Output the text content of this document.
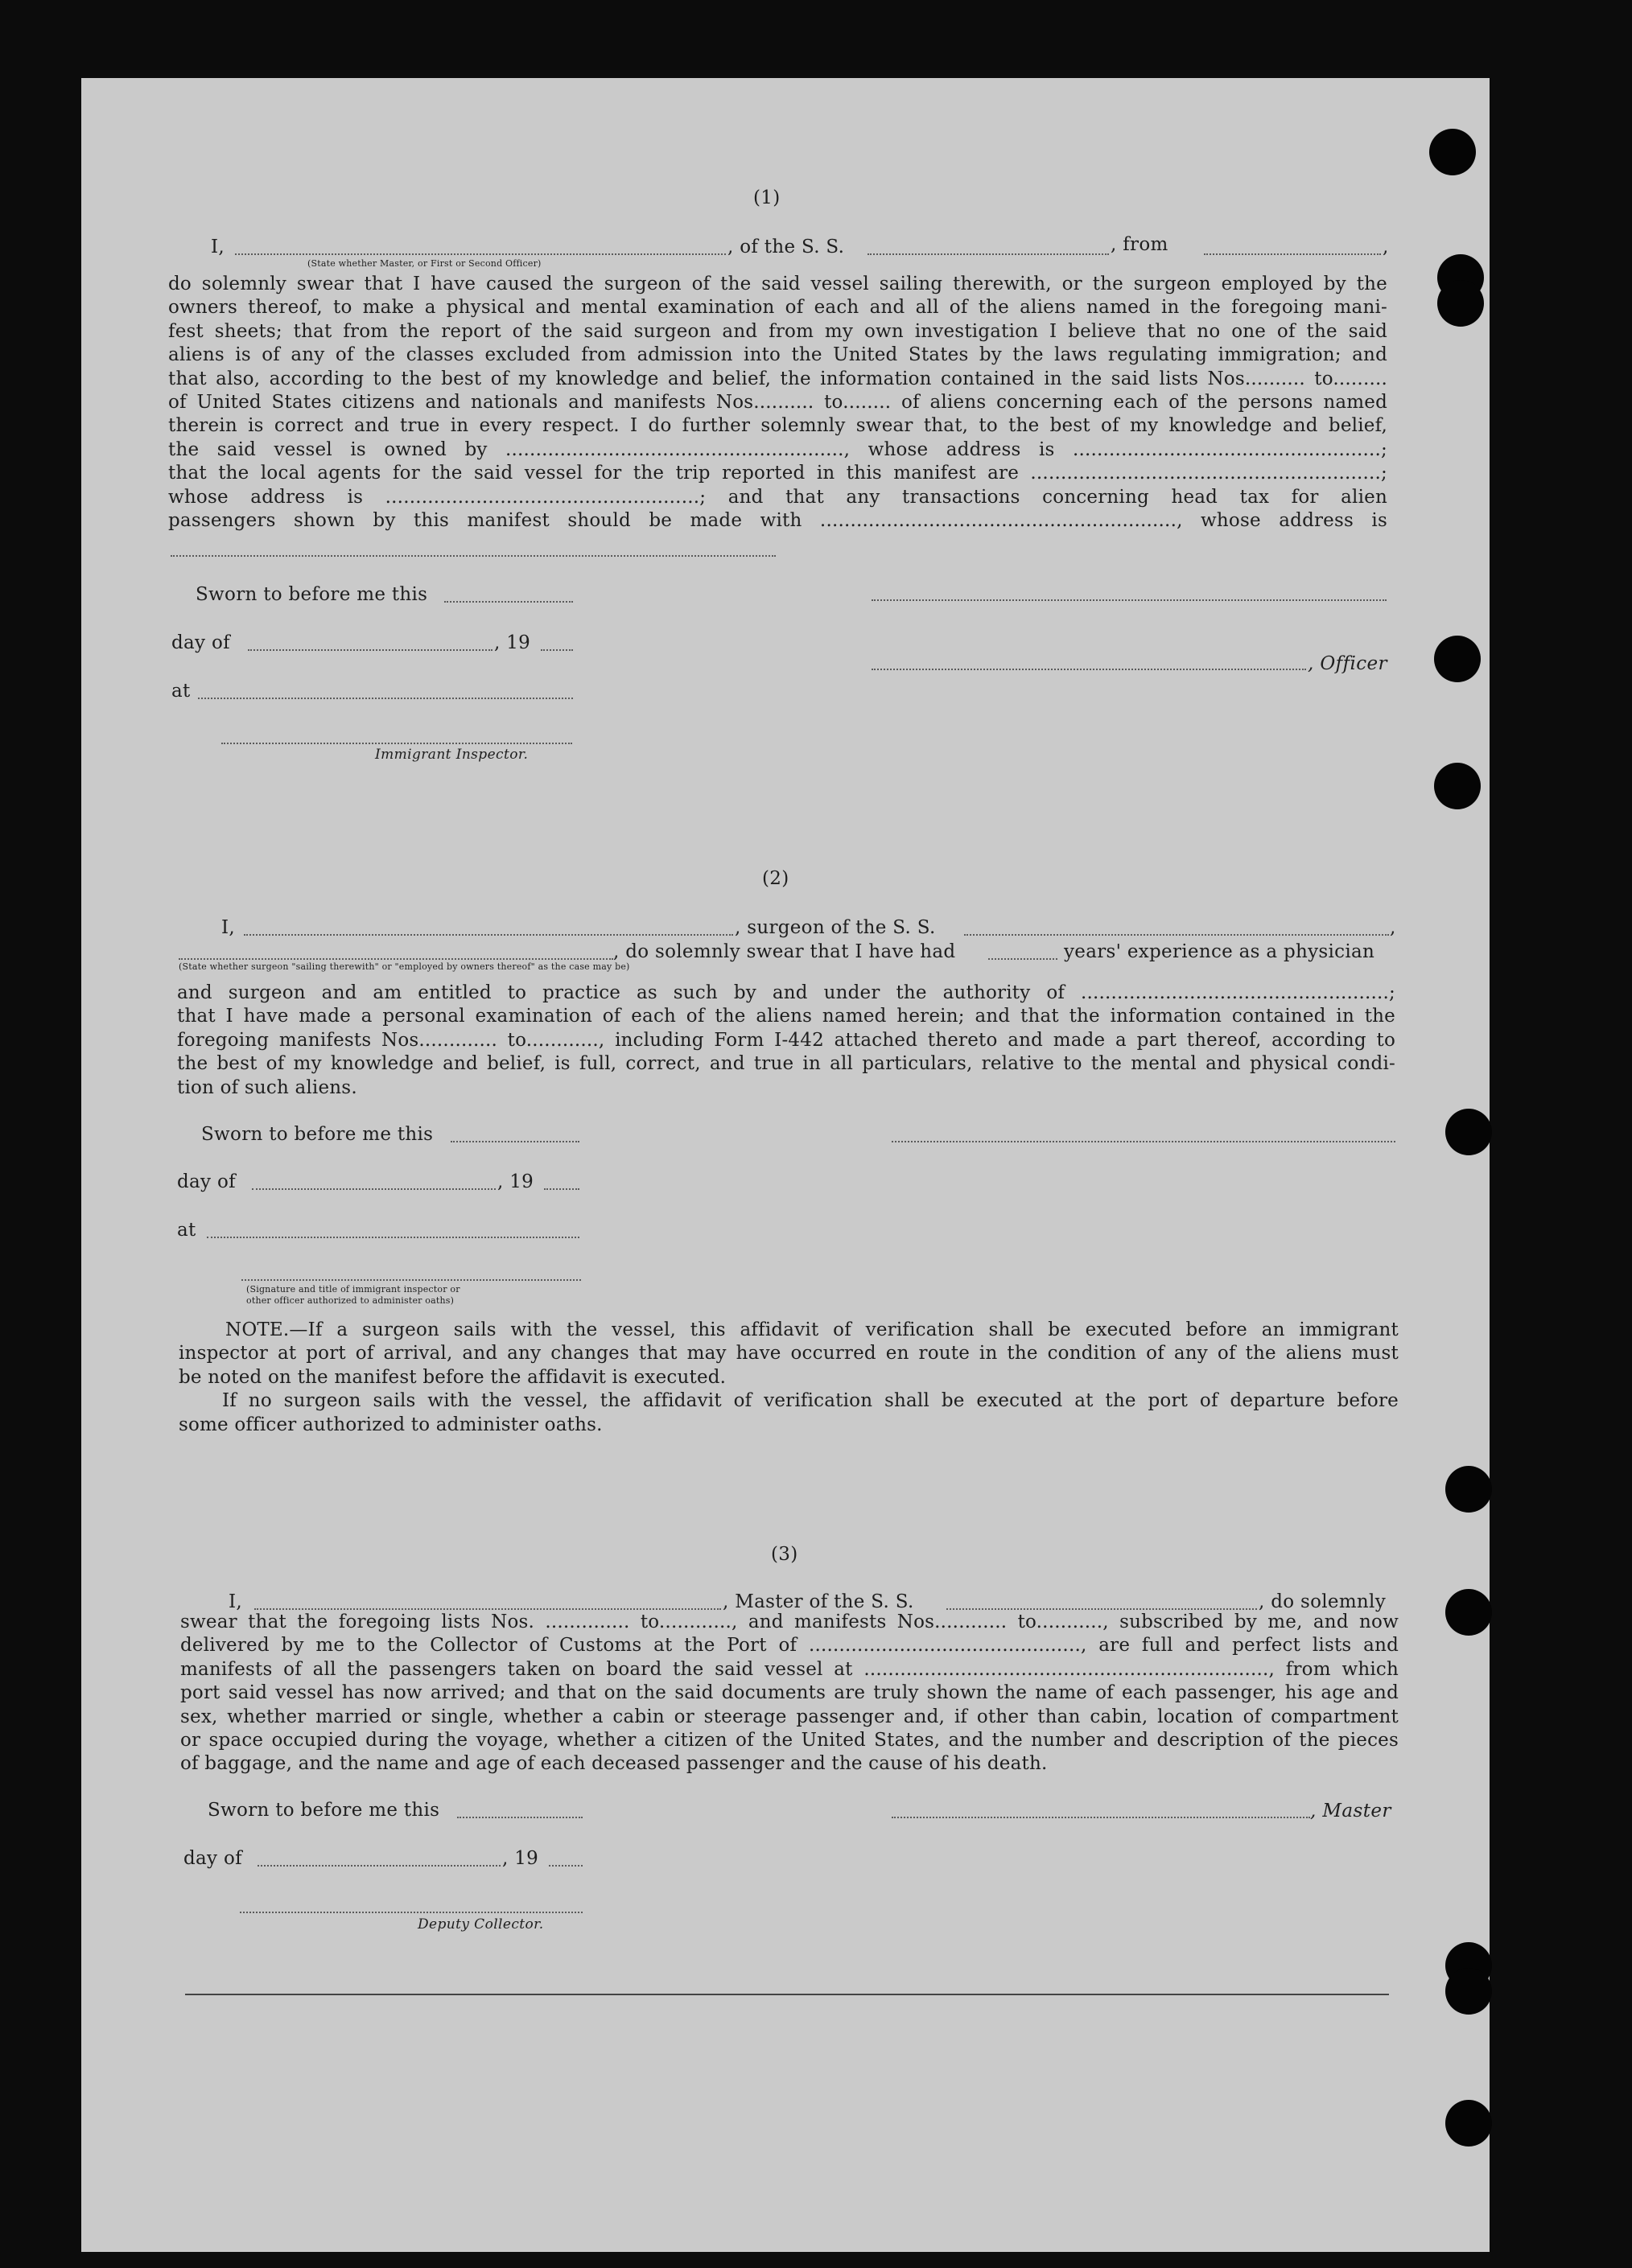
(1)
I,	, of the S. S.	, from	,
(State whether Master, or First or Second Officer)
do solemnly swear that I have caused the surgeon of the said vessel sailing therewith, or the surgeon employed by the
owners thereof, to make a physical and mental examination of each and all of the aliens named in the foregoing mani-
fest sheets; that from the report of the said surgeon and from my own investigation I believe that no one of the said
aliens is of any of the classes excluded from admission into the United States by the laws regulating immigration; and
that also, according to the best of my knowledge and belief, the information contained in the said lists Nos.......... to.........
of United States citizens and nationals and manifests Nos.......... to........ of aliens concerning each of the persons named
therein is correct and true in every respect. I do further solemnly swear that, to the best of my knowledge and belief,
the said vessel is owned by ........................................................, whose address is ...................................................;
that the local agents for the said vessel for the trip reported in this manifest are ..........................................................;
whose address is ....................................................; and that any transactions concerning head tax for alien
passengers shown by this manifest should be made with ..........................................................., whose address is
Sworn to before me this
day of	, 19
, Officer
at
Immigrant Inspector.
(2)
I,	, surgeon of the S. S.	,
, do solemnly swear that I have had	years' experience as a physician
(State whether surgeon "sailing therewith" or "employed by owners thereof" as the case may be)
and surgeon and am entitled to practice as such by and under the authority of ...................................................;
that I have made a personal examination of each of the aliens named herein; and that the information contained in the
foregoing manifests Nos............. to............, including Form I-442 attached thereto and made a part thereof, according to
the best of my knowledge and belief, is full, correct, and true in all particulars, relative to the mental and physical condi-
tion of such aliens.
Sworn to before me this
day of	, 19
at
(Signature and title of immigrant inspector or
other officer authorized to administer oaths)
NOTE.—If a surgeon sails with the vessel, this affidavit of verification shall be executed before an immigrant
inspector at port of arrival, and any changes that may have occurred en route in the condition of any of the aliens must
be noted on the manifest before the affidavit is executed.
If no surgeon sails with the vessel, the affidavit of verification shall be executed at the port of departure before
some officer authorized to administer oaths.
(3)
I,	, Master of the S. S.	, do solemnly
swear that the foregoing lists Nos. .............. to............, and manifests Nos............ to..........., subscribed by me, and now
delivered by me to the Collector of Customs at the Port of ............................................., are full and perfect lists and
manifests of all the passengers taken on board the said vessel at ..................................................................., from which
port said vessel has now arrived; and that on the said documents are truly shown the name of each passenger, his age and
sex, whether married or single, whether a cabin or steerage passenger and, if other than cabin, location of compartment
or space occupied during the voyage, whether a citizen of the United States, and the number and description of the pieces
of baggage, and the name and age of each deceased passenger and the cause of his death.
Sworn to before me this	, Master
day of	, 19
Deputy Collector.
